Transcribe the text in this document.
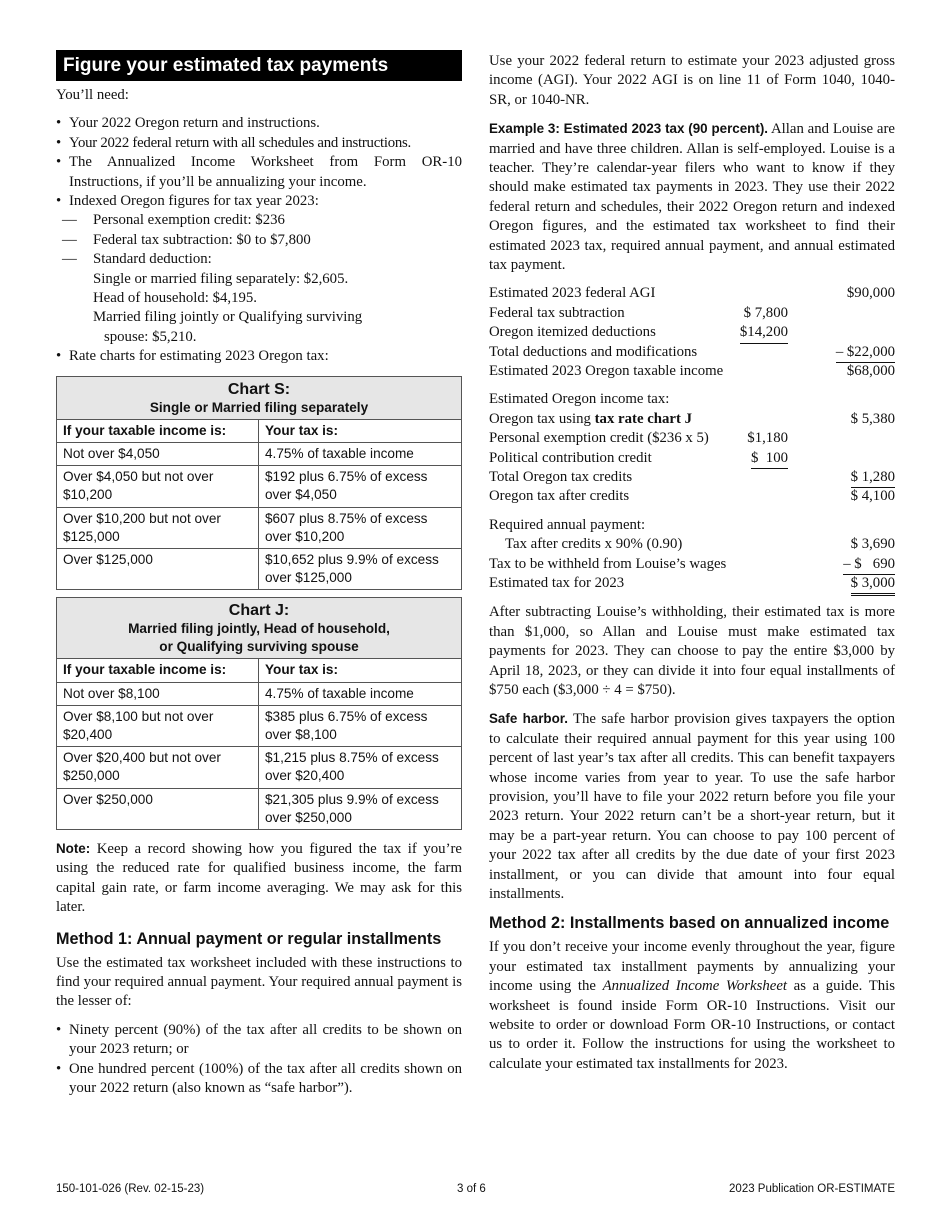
Figure your estimated tax payments

You’ll need:

• Your 2022 Oregon return and instructions.
• Your 2022 federal return with all schedules and instructions.
• The Annualized Income Worksheet from Form OR-10 Instructions, if you’ll be annualizing your income.
• Indexed Oregon figures for tax year 2023:
— Personal exemption credit: $236
— Federal tax subtraction: $0 to $7,800
— Standard deduction:
Single or married filing separately: $2,605.
Head of household: $4,195.
Married filing jointly or Qualifying surviving
spouse: $5,210.
• Rate charts for estimating 2023 Oregon tax:
Chart S:
Single or Married filing separately	

If your taxable income is:	Your tax is:
Not over $4,050	4.75% of taxable income
Over $4,050 but not over $10,200	$192 plus 6.75% of excess over $4,050
Over $10,200 but not over $125,000	$607 plus 8.75% of excess over $10,200
Over $125,000	$10,652 plus 9.9% of excess over $125,000
Chart J:
Married filing jointly, Head of household,
or Qualifying surviving spouse	

If your taxable income is:	Your tax is:
Not over $8,100	4.75% of taxable income
Over $8,100 but not over $20,400	$385 plus 6.75% of excess over $8,100
Over $20,400 but not over $250,000	$1,215 plus 8.75% of excess over $20,400
Over $250,000	$21,305 plus 9.9% of excess over $250,000

Note: Keep a record showing how you figured the tax if you’re using the reduced rate for qualified business income, the farm capital gain rate, or farm income averaging. We may ask for this later.

Method 1: Annual payment or regular installments

Use the estimated tax worksheet included with these instructions to find your required annual payment. Your required annual payment is the lesser of:

• Ninety percent (90%) of the tax after all credits to be shown on your 2023 return; or
• One hundred percent (100%) of the tax after all credits shown on your 2022 return (also known as “safe harbor”).

Use your 2022 federal return to estimate your 2023 adjusted gross income (AGI). Your 2022 AGI is on line 11 of Form 1040, 1040-SR, or 1040-NR.

Example 3: Estimated 2023 tax (90 percent). Allan and Louise are married and have three children. Allan is self-employed. Louise is a teacher. They’re calendar-year filers who want to know if they should make estimated tax payments in 2023. They use their 2022 federal return and schedules, their 2022 Oregon return and indexed Oregon figures, and the estimated tax worksheet to find their estimated 2023 tax, required annual payment, and annual estimated tax payment.

Estimated 2023 federal AGI	$90,000
Federal tax subtraction	$ 7,800
Oregon itemized deductions	$14,200
Total deductions and modifications	– $22,000
Estimated 2023 Oregon taxable income	$68,000
Estimated Oregon income tax:
Oregon tax using tax rate chart J	$ 5,380
Personal exemption credit ($236 x 5)	$1,180
Political contribution credit	$  100
Total Oregon tax credits	$ 1,280
Oregon tax after credits	$ 4,100
Required annual payment:
Tax after credits x 90% (0.90)	$ 3,690
Tax to be withheld from Louise’s wages	– $   690
Estimated tax for 2023	$ 3,000

After subtracting Louise’s withholding, their estimated tax is more than $1,000, so Allan and Louise must make estimated tax payments for 2023. They can choose to pay the entire $3,000 by April 18, 2023, or they can divide it into four equal installments of $750 each ($3,000 ÷ 4 = $750).

Safe harbor. The safe harbor provision gives taxpayers the option to calculate their required annual payment for this year using 100 percent of last year’s tax after all credits. This can benefit taxpayers whose income varies from year to year. To use the safe harbor provision, you’ll have to file your 2022 return before you file your 2023 return. Your 2022 return can’t be a short-year return, but it may be a part-year return. You can choose to pay 100 percent of your 2022 tax after all credits by the due date of your first 2023 installment, or you can divide that amount into four equal installments.

Method 2: Installments based on annualized income

If you don’t receive your income evenly throughout the year, figure your estimated tax installment payments by annualizing your income using the Annualized Income Worksheet as a guide. This worksheet is found inside Form OR-10 Instructions. Visit our website to order or download Form OR-10 Instructions, or contact us to order it. Follow the instructions for using the worksheet to calculate your estimated tax installments for 2023.

150-101-026 (Rev. 02-15-23)	3 of 6	2023 Publication OR-ESTIMATE
